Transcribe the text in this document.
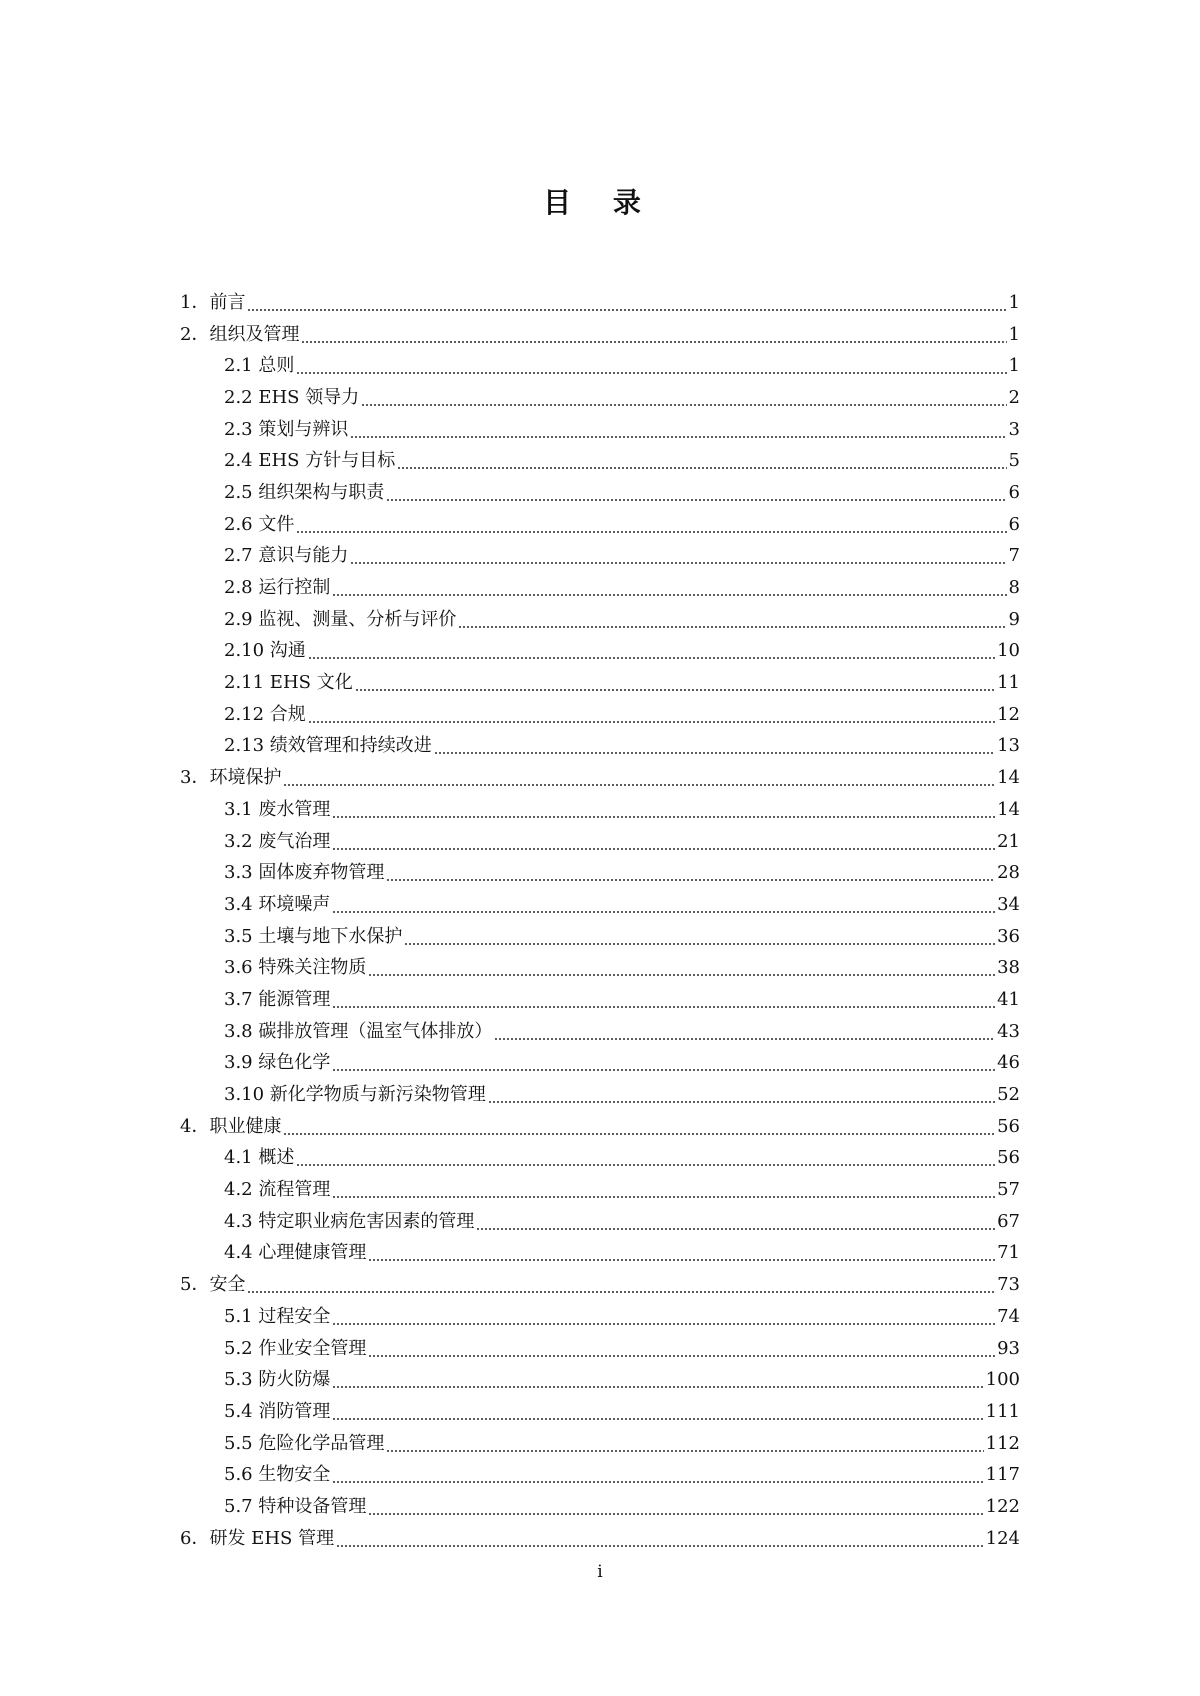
目 录
1．前言	1
2．组织及管理	1
2.1 总则	1
2.2 EHS 领导力	2
2.3 策划与辨识	3
2.4 EHS 方针与目标	5
2.5 组织架构与职责	6
2.6 文件	6
2.7 意识与能力	7
2.8 运行控制	8
2.9 监视、测量、分析与评价	9
2.10 沟通	10
2.11 EHS 文化	11
2.12 合规	12
2.13 绩效管理和持续改进	13
3．环境保护	14
3.1 废水管理	14
3.2 废气治理	21
3.3 固体废弃物管理	28
3.4 环境噪声	34
3.5 土壤与地下水保护	36
3.6 特殊关注物质	38
3.7 能源管理	41
3.8 碳排放管理（温室气体排放）	43
3.9 绿色化学	46
3.10 新化学物质与新污染物管理	52
4．职业健康	56
4.1 概述	56
4.2 流程管理	57
4.3 特定职业病危害因素的管理	67
4.4 心理健康管理	71
5．安全	73
5.1 过程安全	74
5.2 作业安全管理	93
5.3 防火防爆	100
5.4 消防管理	111
5.5 危险化学品管理	112
5.6 生物安全	117
5.7 特种设备管理	122
6．研发 EHS 管理	124
i
